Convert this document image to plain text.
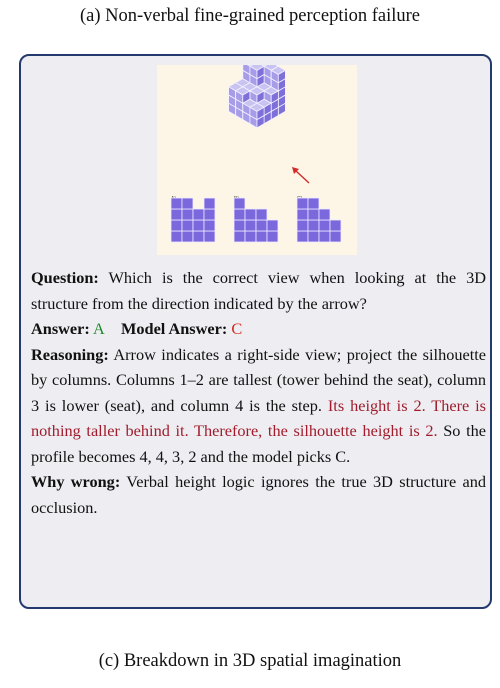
(a) Non-verbal fine-grained perception failure

Question: Which is the correct view when looking at the 3D structure from the direction indicated by the arrow?

Answer: A Model Answer: C

Reasoning: Arrow indicates a right-side view; project the silhouette by columns. Columns 1–2 are tallest (tower behind the seat), column 3 is lower (seat), and column 4 is the step. Its height is 2. There is nothing taller behind it. Therefore, the silhouette height is 2. So the profile becomes 4, 4, 3, 2 and the model picks C.

Why wrong: Verbal height logic ignores the true 3D structure and occlusion.

(c) Breakdown in 3D spatial imagination
